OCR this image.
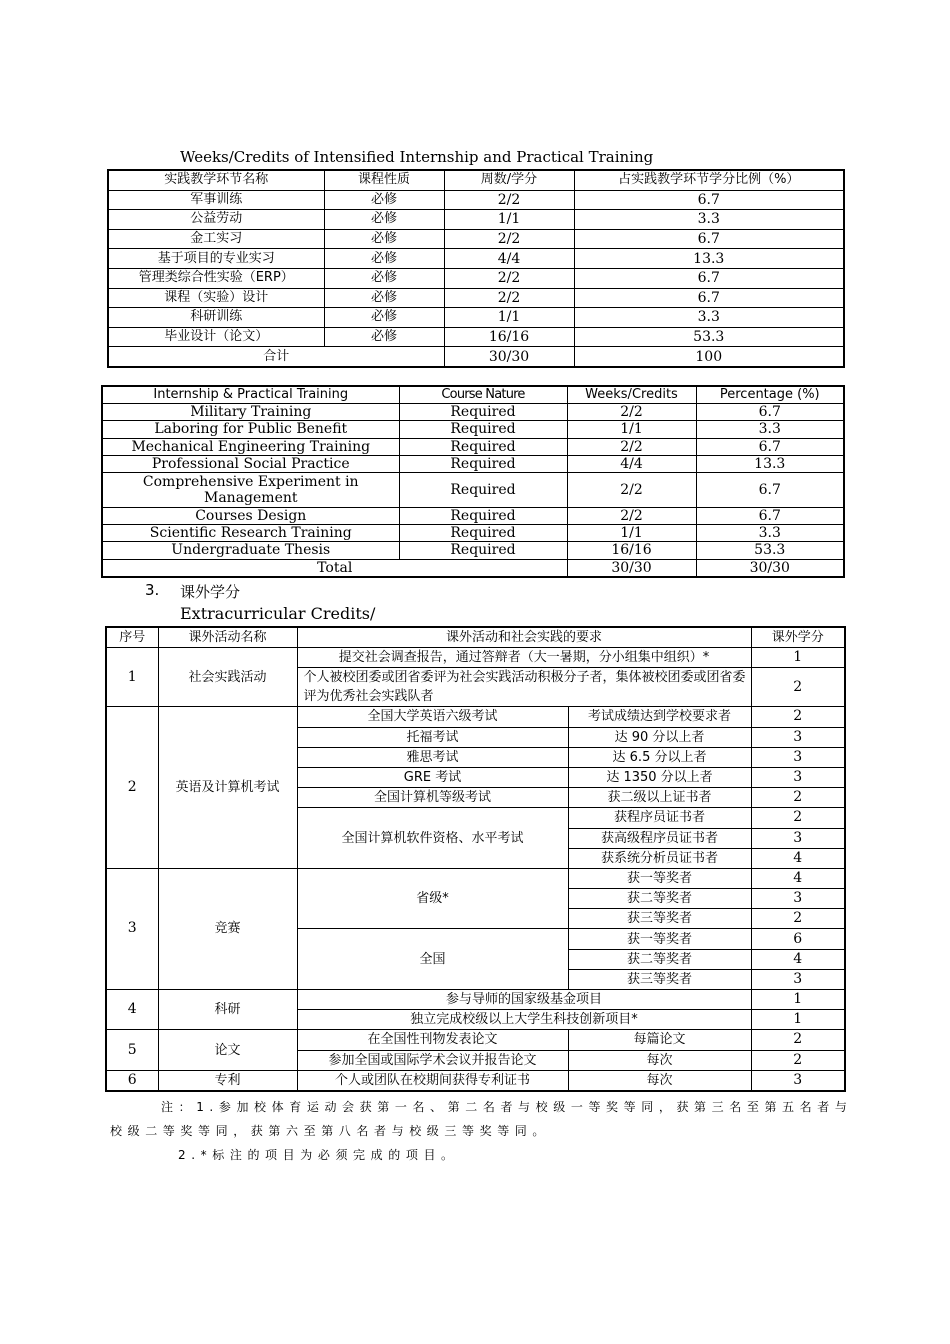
Weeks/Credits of Intensified Internship and Practical Training
实践教学环节名称	课程性质	周数/学分	占实践教学环节学分比例（%）
军事训练	必修	2/2	6.7
公益劳动	必修	1/1	3.3
金工实习	必修	2/2	6.7
基于项目的专业实习	必修	4/4	13.3
管理类综合性实验（ERP）	必修	2/2	6.7
课程（实验）设计	必修	2/2	6.7
科研训练	必修	1/1	3.3
毕业设计（论文）	必修	16/16	53.3
合计		30/30	100
Internship & Practical Training	Course Nature	Weeks/Credits	Percentage (%)
Military Training	Required	2/2	6.7
Laboring for Public Benefit	Required	1/1	3.3
Mechanical Engineering Training	Required	2/2	6.7
Professional Social Practice	Required	4/4	13.3
Comprehensive Experiment in Management	Required	2/2	6.7
Courses Design	Required	2/2	6.7
Scientific Research Training	Required	1/1	3.3
Undergraduate Thesis	Required	16/16	53.3
Total		30/30	30/30
3. 课外学分
Extracurricular Credits/
序号	课外活动名称	课外活动和社会实践的要求		课外学分
1	社会实践活动	提交社会调查报告，通过答辩者（大一暑期，分小组集中组织）*		1
		个人被校团委或团省委评为社会实践活动积极分子者，集体被校团委或团省委评为优秀社会实践队者		2
2	英语及计算机考试	全国大学英语六级考试	考试成绩达到学校要求者	2
		托福考试	达 90 分以上者	3
		雅思考试	达 6.5 分以上者	3
		GRE 考试	达 1350 分以上者	3
		全国计算机等级考试	获二级以上证书者	2
		全国计算机软件资格、水平考试	获程序员证书者	2
			获高级程序员证书者	3
			获系统分析员证书者	4
3	竞赛	省级*	获一等奖者	4
			获二等奖者	3
			获三等奖者	2
		全国	获一等奖者	6
			获二等奖者	4
			获三等奖者	3
4	科研	参与导师的国家级基金项目		1
		独立完成校级以上大学生科技创新项目*		1
5	论文	在全国性刊物发表论文	每篇论文	2
		参加全国或国际学术会议并报告论文	每次	2
6	专利	个人或团队在校期间获得专利证书	每次	3
注：1.参加校体育运动会获第一名、第二名者与校级一等奖等同，获第三名至第五名者与
校级二等奖等同，获第六至第八名者与校级三等奖等同。
2.*标注的项目为必须完成的项目。
